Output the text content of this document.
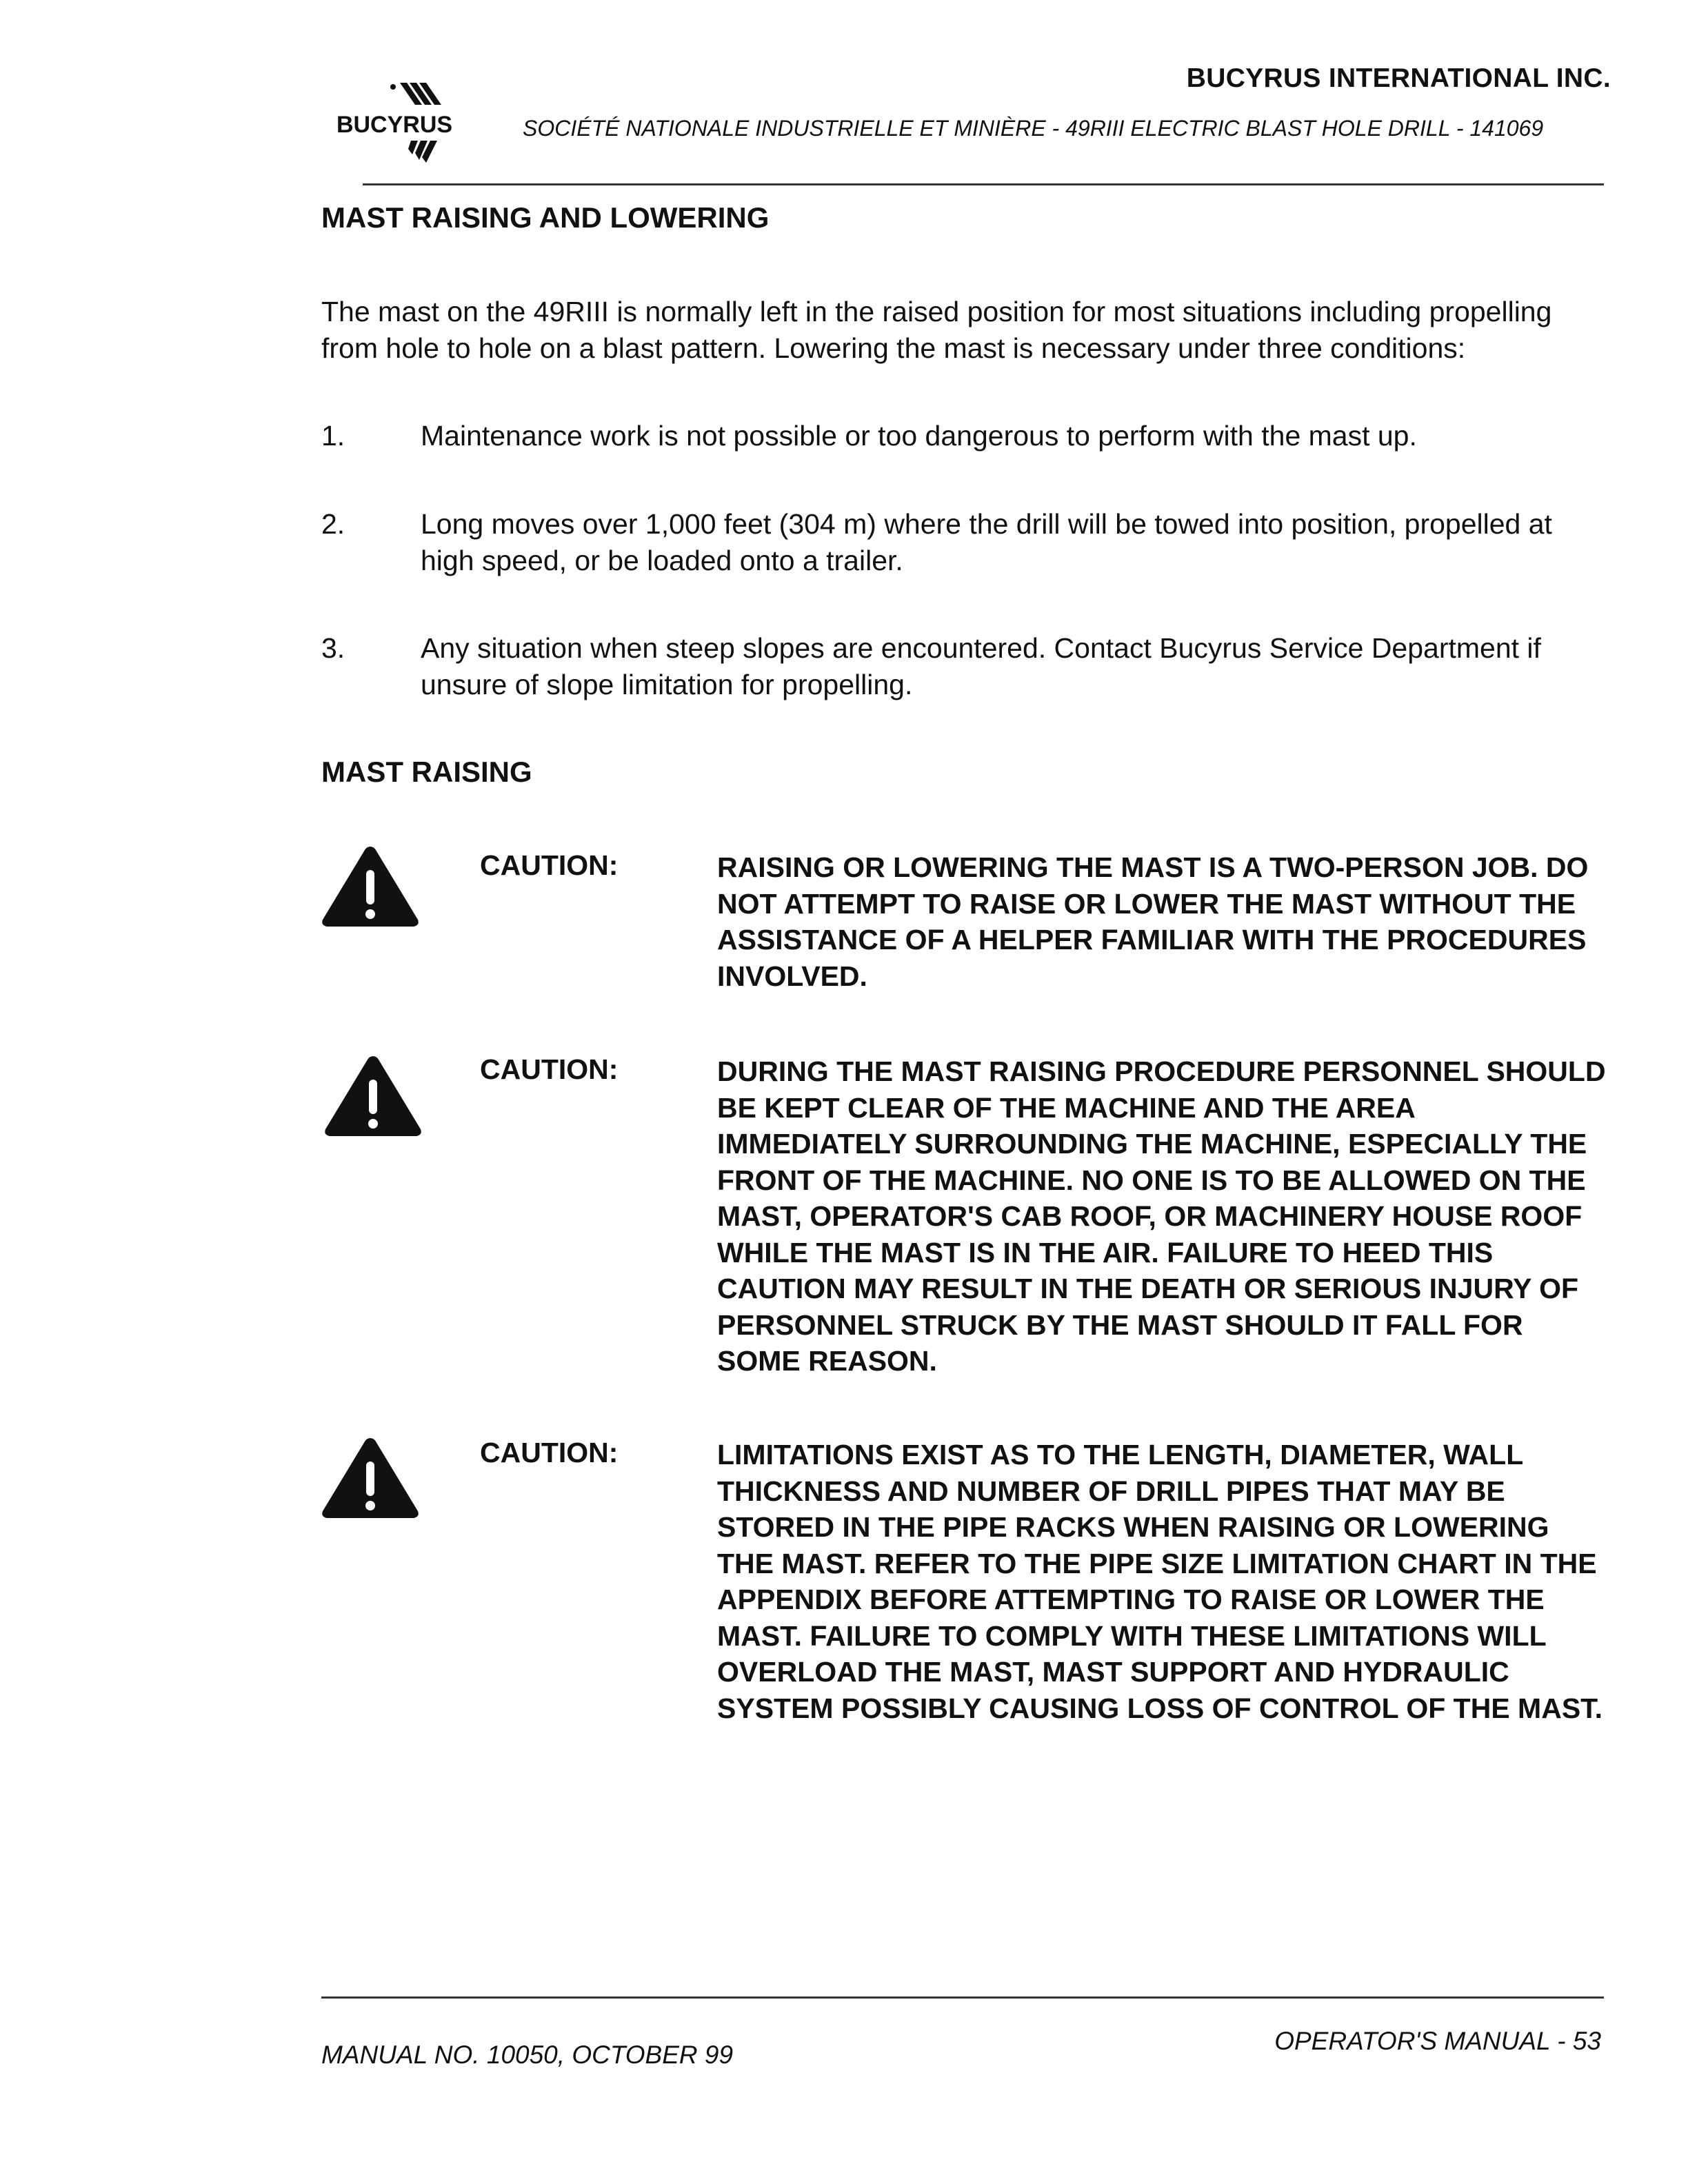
BUCYRUS
BUCYRUS INTERNATIONAL INC.
SOCIÉTÉ NATIONALE INDUSTRIELLE ET MINIÈRE - 49RIII ELECTRIC BLAST HOLE DRILL - 141069
MAST RAISING AND LOWERING
The mast on the 49RIII is normally left in the raised position for most situations including propelling from hole to hole on a blast pattern. Lowering the mast is necessary under three conditions:
1.	Maintenance work is not possible or too dangerous to perform with the mast up.
2.	Long moves over 1,000 feet (304 m) where the drill will be towed into position, propelled at high speed, or be loaded onto a trailer.
3.	Any situation when steep slopes are encountered. Contact Bucyrus Service Department if unsure of slope limitation for propelling.
MAST RAISING
CAUTION:	RAISING OR LOWERING THE MAST IS A TWO-PERSON JOB. DO NOT ATTEMPT TO RAISE OR LOWER THE MAST WITHOUT THE ASSISTANCE OF A HELPER FAMILIAR WITH THE PROCEDURES INVOLVED.
CAUTION:	DURING THE MAST RAISING PROCEDURE PERSONNEL SHOULD BE KEPT CLEAR OF THE MACHINE AND THE AREA IMMEDIATELY SURROUNDING THE MACHINE, ESPECIALLY THE FRONT OF THE MACHINE. NO ONE IS TO BE ALLOWED ON THE MAST, OPERATOR'S CAB ROOF, OR MACHINERY HOUSE ROOF WHILE THE MAST IS IN THE AIR. FAILURE TO HEED THIS CAUTION MAY RESULT IN THE DEATH OR SERIOUS INJURY OF PERSONNEL STRUCK BY THE MAST SHOULD IT FALL FOR SOME REASON.
CAUTION:	LIMITATIONS EXIST AS TO THE LENGTH, DIAMETER, WALL THICKNESS AND NUMBER OF DRILL PIPES THAT MAY BE STORED IN THE PIPE RACKS WHEN RAISING OR LOWERING THE MAST. REFER TO THE PIPE SIZE LIMITATION CHART IN THE APPENDIX BEFORE ATTEMPTING TO RAISE OR LOWER THE MAST. FAILURE TO COMPLY WITH THESE LIMITATIONS WILL OVERLOAD THE MAST, MAST SUPPORT AND HYDRAULIC SYSTEM POSSIBLY CAUSING LOSS OF CONTROL OF THE MAST.
MANUAL NO. 10050, OCTOBER 99	OPERATOR'S MANUAL - 53
